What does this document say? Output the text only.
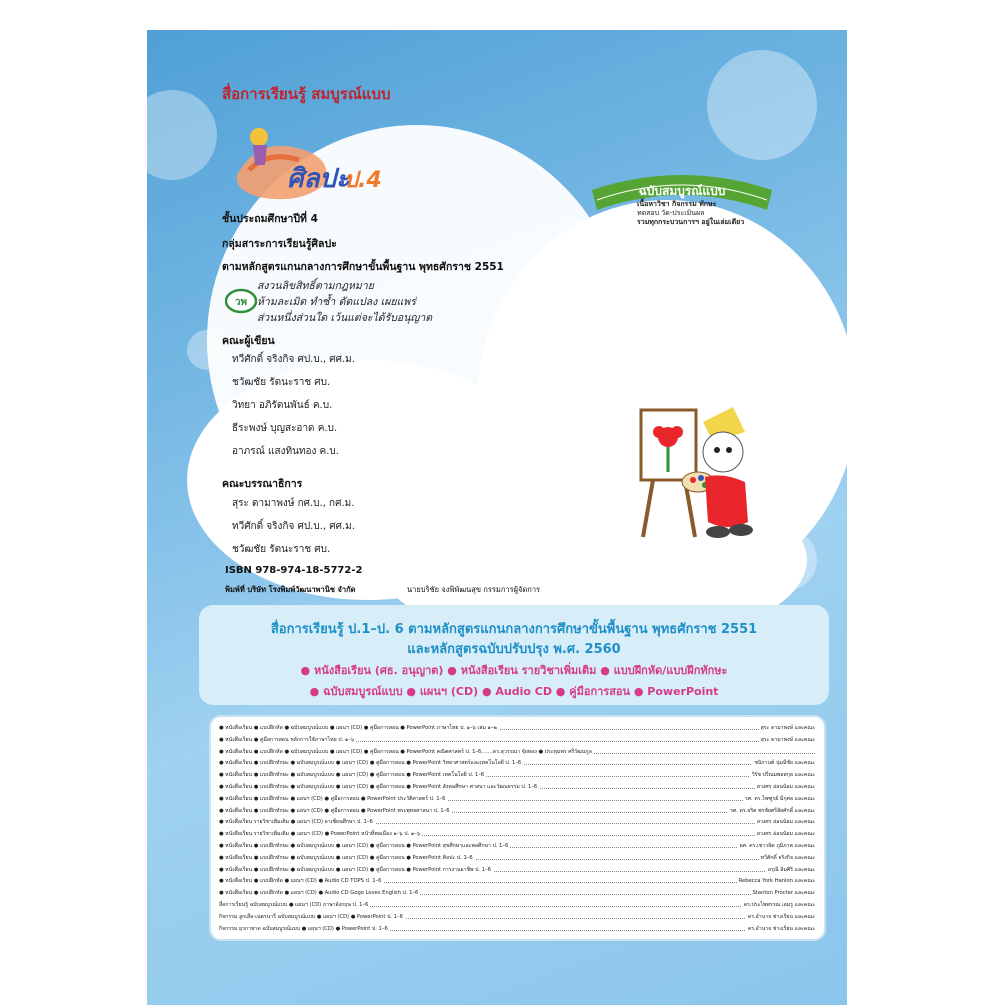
สื่อการเรียนรู้ สมบูรณ์แบบ
ศิลปะ
ป.4	ฉบับสมบูรณ์แบบ
เนื้อหาวิชา กิจกรรม ทักษะ
ทดสอบ วัด-ประเมินผล
รวมทุกกระบวนการฯ อยู่ในเล่มเดียว
ชั้นประถมศึกษาปีที่ 4
กลุ่มสาระการเรียนรู้ศิลปะ
ตามหลักสูตรแกนกลางการศึกษาขั้นพื้นฐาน พุทธศักราช 2551
วพ
สงวนลิขสิทธิ์ตามกฎหมาย
ห้ามละเมิด ทำซ้ำ ดัดแปลง เผยแพร่
ส่วนหนึ่งส่วนใด เว้นแต่จะได้รับอนุญาต
คณะผู้เขียน
ทวีศักดิ์ จริงกิจ ศป.บ., ศศ.ม.
ชวัฒชัย รัตนะราช ศบ.
วิทยา อภิรัตนพันธ์ ค.บ.
ธีระพงษ์ บุญสะอาด ค.บ.
อาภรณ์ แสงทินทอง ค.บ.
คณะบรรณาธิการ
สุระ ดามาพงษ์ กศ.บ., กศ.ม.
ทวีศักดิ์ จริงกิจ ศป.บ., ศศ.ม.
ชวัฒชัย รัตนะราช ศบ.
ISBN 978-974-18-5772-2
พิมพ์ที่ บริษัท โรงพิมพ์วัฒนาพานิช จำกัด	นายบริชัย จงพิพัฒนสุข กรรมการผู้จัดการ
สื่อการเรียนรู้ ป.1–ป. 6 ตามหลักสูตรแกนกลางการศึกษาขั้นพื้นฐาน พุทธศักราช 2551
และหลักสูตรฉบับปรับปรุง พ.ศ. 2560
● หนังสือเรียน (ศธ. อนุญาต) ● หนังสือเรียน รายวิชาเพิ่มเติม ● แบบฝึกหัด/แบบฝึกทักษะ
● ฉบับสมบูรณ์แบบ ● แผนฯ (CD) ● Audio CD ● คู่มือการสอน ● PowerPoint
● หนังสือเรียน ● แบบฝึกหัด ● ฉบับสมบูรณ์แบบ ● แผนฯ (CD) ● คู่มือการสอน ● PowerPoint ภาษาไทย ป. ๑–๖ เล่ม ๑–๒	สุระ ดามาพงษ์ และคณะ
● หนังสือเรียน ● คู่มือการสอน หลักการใช้ภาษาไทย ป. ๑–๖	สุระ ดามาพงษ์ และคณะ
● หนังสือเรียน ● แบบฝึกหัด ● ฉบับสมบูรณ์แบบ ● แผนฯ (CD) ● คู่มือการสอน ● PowerPoint คณิตศาสตร์ ป. 1–6.......ดร.สุวรรณา จุ้ยทอง ● ประทุมพร ศรีวัฒนกูล
● หนังสือเรียน ● แบบฝึกทักษะ ● ฉบับสมบูรณ์แบบ ● แผนฯ (CD) ● คู่มือการสอน ● PowerPoint วิทยาศาสตร์และเทคโนโลยี ป. 1–6	ชนิกานต์ นุ่มมีชัย และคณะ
● หนังสือเรียน ● แบบฝึกทักษะ ● ฉบับสมบูรณ์แบบ ● แผนฯ (CD) ● คู่มือการสอน ● PowerPoint เทคโนโลยี ป. 1–6	วิรัช ปรีณมพลสกุล และคณะ
● หนังสือเรียน ● แบบฝึกทักษะ ● ฉบับสมบูรณ์แบบ ● แผนฯ (CD) ● คู่มือการสอน ● PowerPoint สังคมศึกษา ศาสนา และวัฒนธรรม ป. 1–6	สวงศร อ่อนน้อม และคณะ
● หนังสือเรียน ● แบบฝึกทักษะ ● แผนฯ (CD) ● คู่มือการสอน ● PowerPoint ประวัติศาสตร์ ป. 1–6	รศ. ดร.ไพฑูรย์ มีกุศล และคณะ
● หนังสือเรียน ● แบบฝึกทักษะ ● แผนฯ (CD) ● คู่มือการสอน ● PowerPoint พระพุทธศาสนา ป. 1–6	รศ. ดร.จริต พรชัยศรีสัยศักดิ์ และคณะ
● หนังสือเรียน รายวิชาเพิ่มเติม ● แผนฯ (CD) อาเซียนศึกษา ป. 1–6	สวงศร อ่อนน้อม และคณะ
● หนังสือเรียน รายวิชาเพิ่มเติม ● แผนฯ (CD) ● PowerPoint หน้าที่พลเมือง ๑–๖ ป. ๑–๖	สวงศร อ่อนน้อม และคณะ
● หนังสือเรียน ● แบบฝึกทักษะ ● ฉบับสมบูรณ์แบบ ● แผนฯ (CD) ● คู่มือการสอน ● PowerPoint สุขศึกษาและพลศึกษา ป. 1–6	ผศ. ดร.เชาวลิต ภูมิภาค และคณะ
● หนังสือเรียน ● แบบฝึกทักษะ ● ฉบับสมบูรณ์แบบ ● แผนฯ (CD) ● คู่มือการสอน ● PowerPoint ศิลปะ ป. 1–6	ทวีศักดิ์ จริงกิจ และคณะ
● หนังสือเรียน ● แบบฝึกทักษะ ● ฉบับสมบูรณ์แบบ ● แผนฯ (CD) ● คู่มือการสอน ● PowerPoint การงานอาชีพ ป. 1–6	อรุณี ลิมศิริ และคณะ
● หนังสือเรียน ● แบบฝึกหัด ● แผนฯ (CD) ● Audio CD TOPS ป. 1–6	Rebecca York Hanlon และคณะ
● หนังสือเรียน ● แบบฝึกหัด ● แผนฯ (CD) ● Audio CD Gogo Loves English ป. 1–6	Stanton Procter และคณะ
สื่อการเรียนรู้ ฉบับสมบูรณ์แบบ ● แผนฯ (CD) ภาษาอังกฤษ ป. 1–6	ดร.ประไพพรรณ เอมรู และคณะ
กิจกรรม ลูกเสือ-เนตรนารี ฉบับสมบูรณ์แบบ ● แผนฯ (CD) ● PowerPoint ป. 1–6	ดร.อำนาจ ช่างเรียน และคณะ
กิจกรรม ยุวกาชาด ฉบับสมบูรณ์แบบ ● แผนฯ (CD) ● PowerPoint ป. 1–6	ดร.อำนาจ ช่างเรียน และคณะ
